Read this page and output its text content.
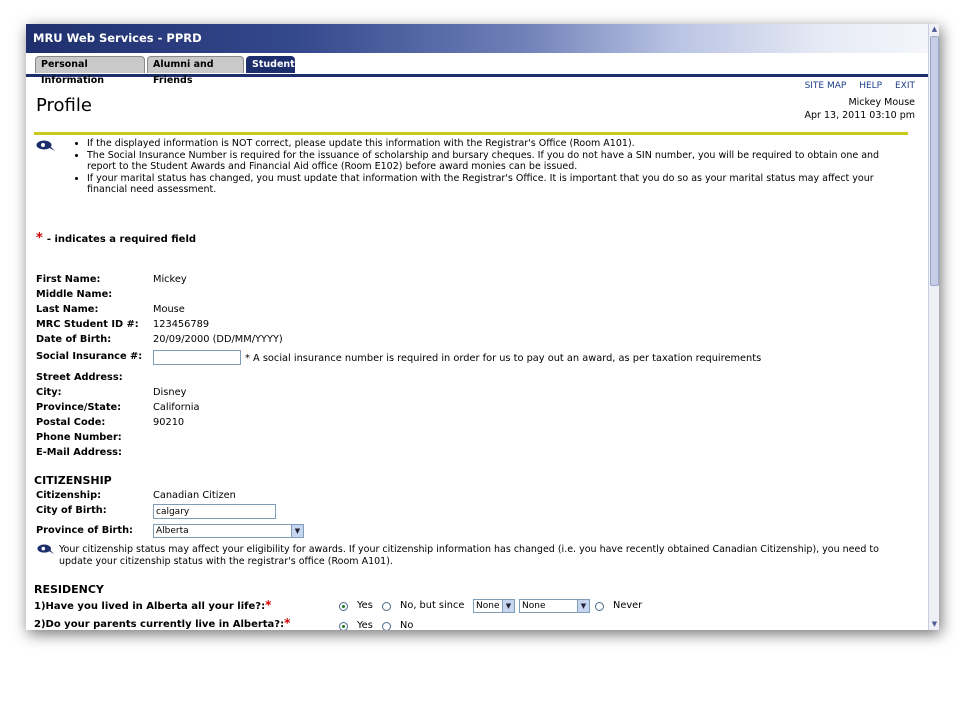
MRU Web Services - PPRD
Personal Information
Alumni and Friends
Student
SITE MAP HELP EXIT
Profile	Mickey Mouse
Apr 13, 2011 03:10 pm
• If the displayed information is NOT correct, please update this information with the Registrar's Office (Room A101).
• The Social Insurance Number is required for the issuance of scholarship and bursary cheques. If you do not have a SIN number, you will be required to obtain one and report to the Student Awards and Financial Aid office (Room E102) before award monies can be issued.
• If your marital status has changed, you must update that information with the Registrar's Office. It is important that you do so as your marital status may affect your financial need assessment.
* - indicates a required field
First Name:	Mickey
Middle Name:
Last Name:	Mouse
MRC Student ID #: 123456789
Date of Birth:	20/09/2000 (DD/MM/YYYY)
Social Insurance #:	* A social insurance number is required in order for us to pay out an award, as per taxation requirements
Street Address:
City:	Disney
Province/State:	California
Postal Code:	90210
Phone Number:
E-Mail Address:
CITIZENSHIP
Citizenship:	Canadian Citizen
City of Birth:
calgary
Province of Birth:	Alberta	▼
Your citizenship status may affect your eligibility for awards. If your citizenship information has changed (i.e. you have recently obtained Canadian Citizenship), you need to update your citizenship status with the registrar's office (Room A101).
RESIDENCY
1)Have you lived in Alberta all your life?:*	Yes	No, but since	None ▼	None	▼	Never
2)Do your parents currently live in Alberta?:*	Yes	No
▲
▼
